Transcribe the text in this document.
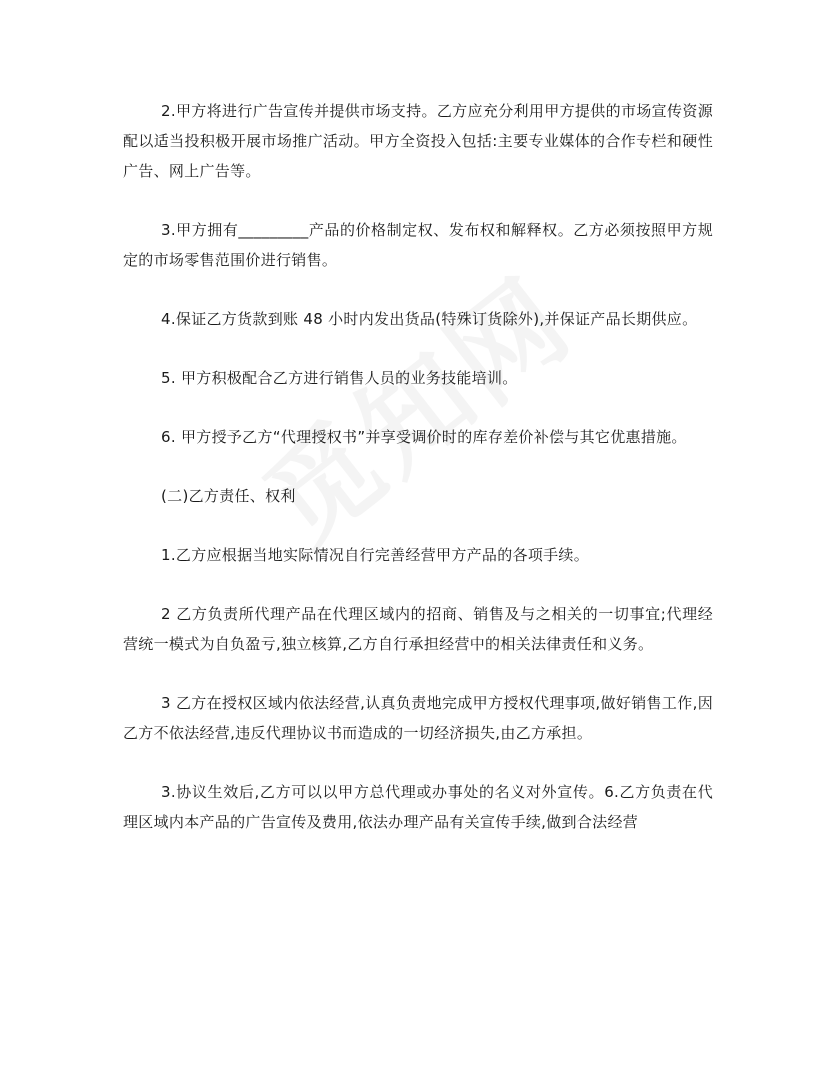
2.甲方将进行广告宣传并提供市场支持。乙方应充分利用甲方提供的市场宣传资源配以适当投积极开展市场推广活动。甲方全资投入包括:主要专业媒体的合作专栏和硬性广告、网上广告等。

3.甲方拥有_________产品的价格制定权、发布权和解释权。乙方必须按照甲方规定的市场零售范围价进行销售。

4.保证乙方货款到账 48 小时内发出货品(特殊订货除外),并保证产品长期供应。

5. 甲方积极配合乙方进行销售人员的业务技能培训。

6. 甲方授予乙方“代理授权书”并享受调价时的库存差价补偿与其它优惠措施。

(二)乙方责任、权利

1.乙方应根据当地实际情况自行完善经营甲方产品的各项手续。

2 乙方负责所代理产品在代理区域内的招商、销售及与之相关的一切事宜;代理经营统一模式为自负盈亏,独立核算,乙方自行承担经营中的相关法律责任和义务。

3 乙方在授权区域内依法经营,认真负责地完成甲方授权代理事项,做好销售工作,因乙方不依法经营,违反代理协议书而造成的一切经济损失,由乙方承担。

3.协议生效后,乙方可以以甲方总代理或办事处的名义对外宣传。6.乙方负责在代理区域内本产品的广告宣传及费用,依法办理产品有关宣传手续,做到合法经营
